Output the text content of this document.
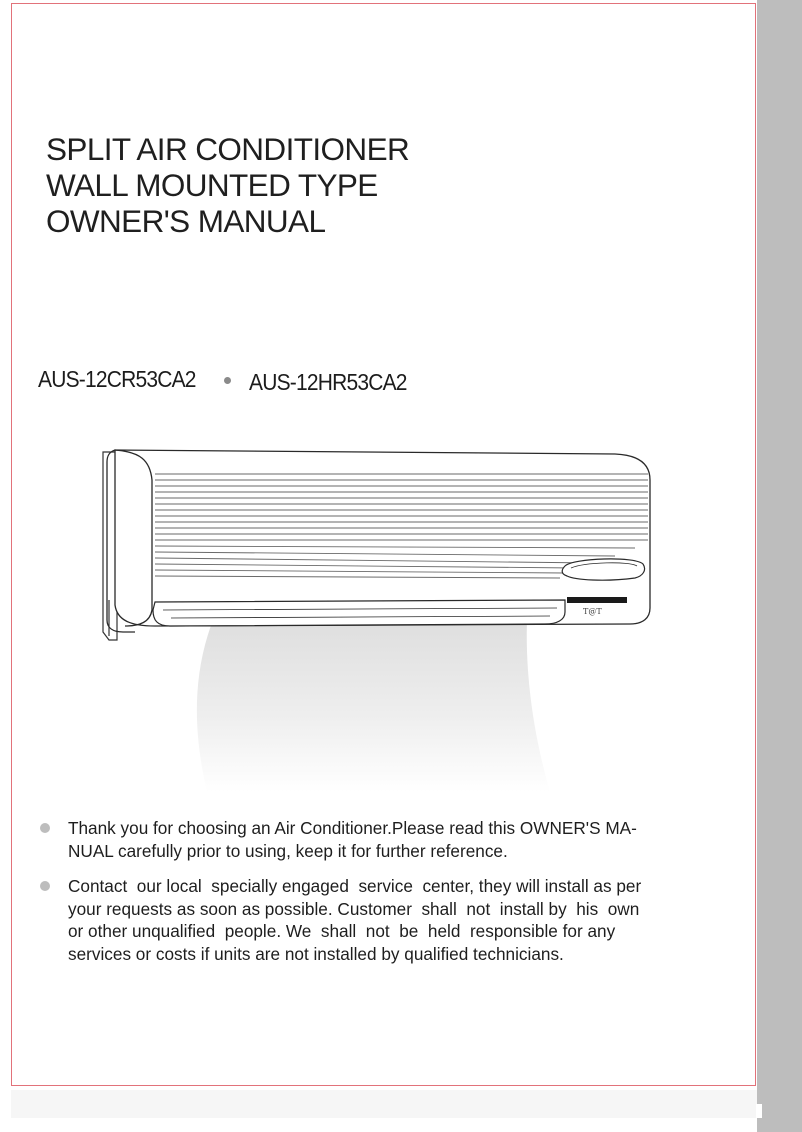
SPLIT AIR CONDITIONER
WALL MOUNTED TYPE
OWNER'S MANUAL
AUS-12CR53CA2	AUS-12HR53CA2
T@T
Thank you for choosing an Air Conditioner.Please read this OWNER'S MA-
NUAL carefully prior to using, keep it for further reference.
Contact  our local  specially engaged  service  center, they will install as per
your requests as soon as possible. Customer  shall  not  install by  his  own
or other unqualified  people. We  shall  not  be  held  responsible for any
services or costs if units are not installed by qualified technicians.
